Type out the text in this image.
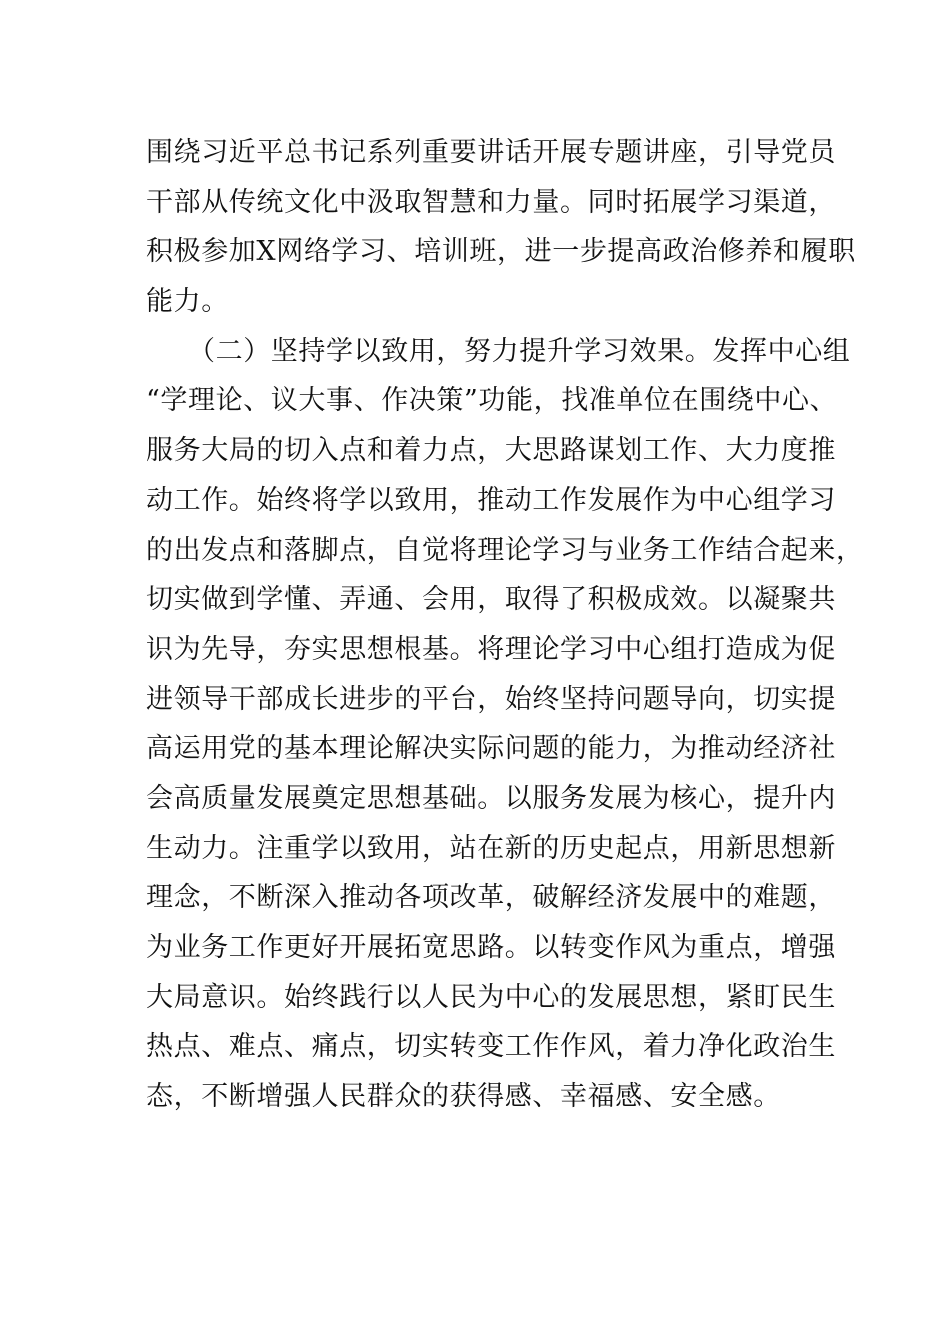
围绕习近平总书记系列重要讲话开展专题讲座，引导党员
干部从传统文化中汲取智慧和力量。同时拓展学习渠道，
积极参加X网络学习、培训班，进一步提高政治修养和履职
能力。
（二）坚持学以致用，努力提升学习效果。发挥中心组
“学理论、议大事、作决策”功能，找准单位在围绕中心、
服务大局的切入点和着力点，大思路谋划工作、大力度推
动工作。始终将学以致用，推动工作发展作为中心组学习
的出发点和落脚点，自觉将理论学习与业务工作结合起来，
切实做到学懂、弄通、会用，取得了积极成效。以凝聚共
识为先导，夯实思想根基。将理论学习中心组打造成为促
进领导干部成长进步的平台，始终坚持问题导向，切实提
高运用党的基本理论解决实际问题的能力，为推动经济社
会高质量发展奠定思想基础。以服务发展为核心，提升内
生动力。注重学以致用，站在新的历史起点，用新思想新
理念，不断深入推动各项改革，破解经济发展中的难题，
为业务工作更好开展拓宽思路。以转变作风为重点，增强
大局意识。始终践行以人民为中心的发展思想，紧盯民生
热点、难点、痛点，切实转变工作作风，着力净化政治生
态，不断增强人民群众的获得感、幸福感、安全感。
